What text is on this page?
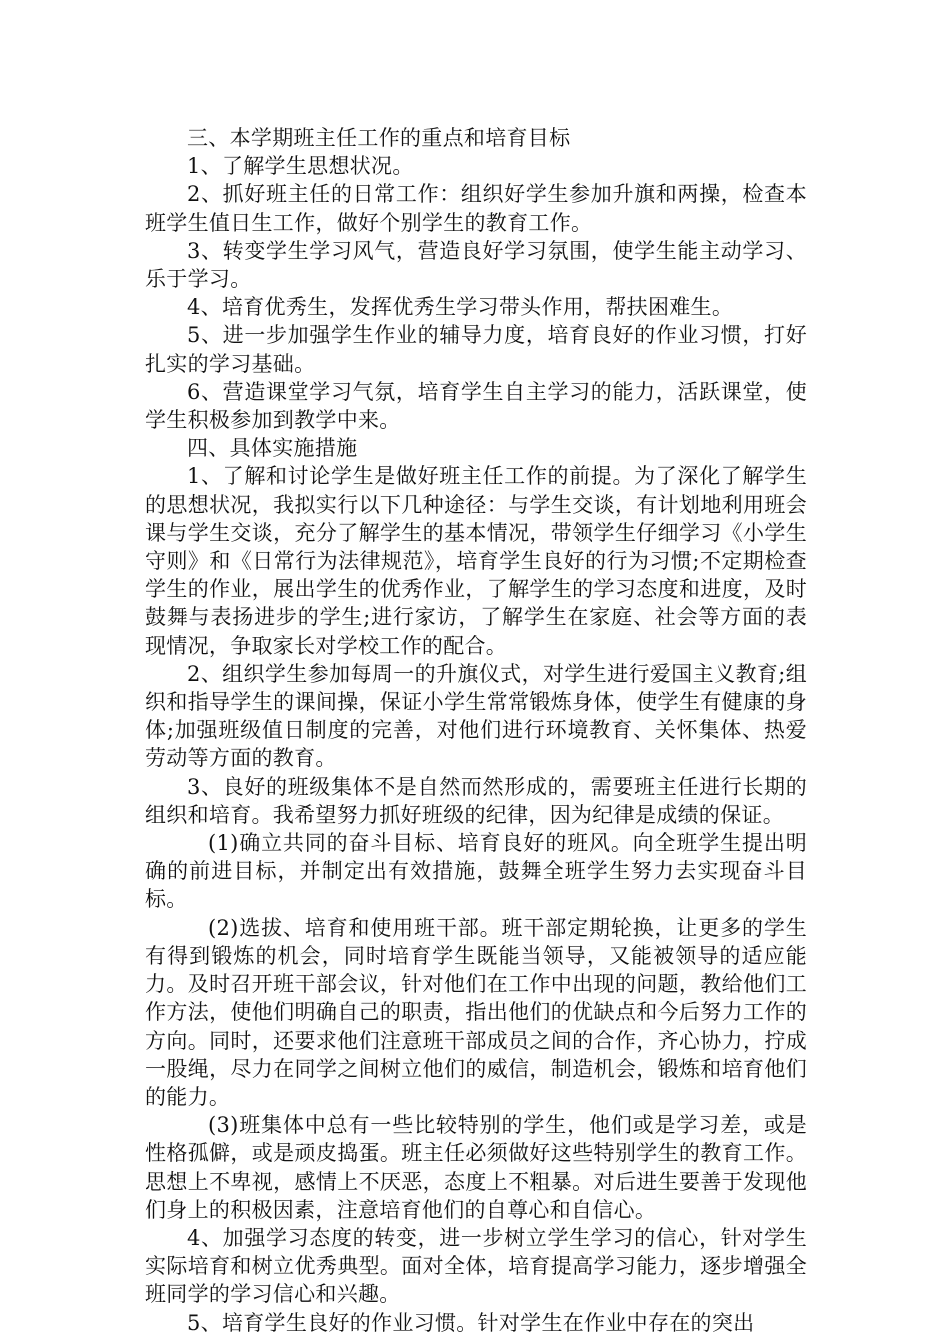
三、本学期班主任工作的重点和培育目标

1、了解学生思想状况。

2、抓好班主任的日常工作：组织好学生参加升旗和两操，检查本班学生值日生工作，做好个别学生的教育工作。

3、转变学生学习风气，营造良好学习氛围，使学生能主动学习、乐于学习。

4、培育优秀生，发挥优秀生学习带头作用，帮扶困难生。

5、进一步加强学生作业的辅导力度，培育良好的作业习惯，打好扎实的学习基础。

6、营造课堂学习气氛，培育学生自主学习的能力，活跃课堂，使学生积极参加到教学中来。

四、具体实施措施

1、了解和讨论学生是做好班主任工作的前提。为了深化了解学生的思想状况，我拟实行以下几种途径：与学生交谈，有计划地利用班会课与学生交谈，充分了解学生的基本情况，带领学生仔细学习《小学生守则》和《日常行为法律规范》，培育学生良好的行为习惯;不定期检查学生的作业，展出学生的优秀作业，了解学生的学习态度和进度，及时鼓舞与表扬进步的学生;进行家访，了解学生在家庭、社会等方面的表现情况，争取家长对学校工作的配合。

2、组织学生参加每周一的升旗仪式，对学生进行爱国主义教育;组织和指导学生的课间操，保证小学生常常锻炼身体，使学生有健康的身体;加强班级值日制度的完善，对他们进行环境教育、关怀集体、热爱劳动等方面的教育。

3、良好的班级集体不是自然而然形成的，需要班主任进行长期的组织和培育。我希望努力抓好班级的纪律，因为纪律是成绩的保证。

(1)确立共同的奋斗目标、培育良好的班风。向全班学生提出明确的前进目标，并制定出有效措施，鼓舞全班学生努力去实现奋斗目标。

(2)选拔、培育和使用班干部。班干部定期轮换，让更多的学生有得到锻炼的机会，同时培育学生既能当领导，又能被领导的适应能力。及时召开班干部会议，针对他们在工作中出现的问题，教给他们工作方法，使他们明确自己的职责，指出他们的优缺点和今后努力工作的方向。同时，还要求他们注意班干部成员之间的合作，齐心协力，拧成一股绳，尽力在同学之间树立他们的威信，制造机会，锻炼和培育他们的能力。

(3)班集体中总有一些比较特别的学生，他们或是学习差，或是性格孤僻，或是顽皮捣蛋。班主任必须做好这些特别学生的教育工作。思想上不卑视，感情上不厌恶，态度上不粗暴。对后进生要善于发现他们身上的积极因素，注意培育他们的自尊心和自信心。

4、加强学习态度的转变，进一步树立学生学习的信心，针对学生实际培育和树立优秀典型。面对全体，培育提高学习能力，逐步增强全班同学的学习信心和兴趣。

5、培育学生良好的作业习惯。针对学生在作业中存在的突出
